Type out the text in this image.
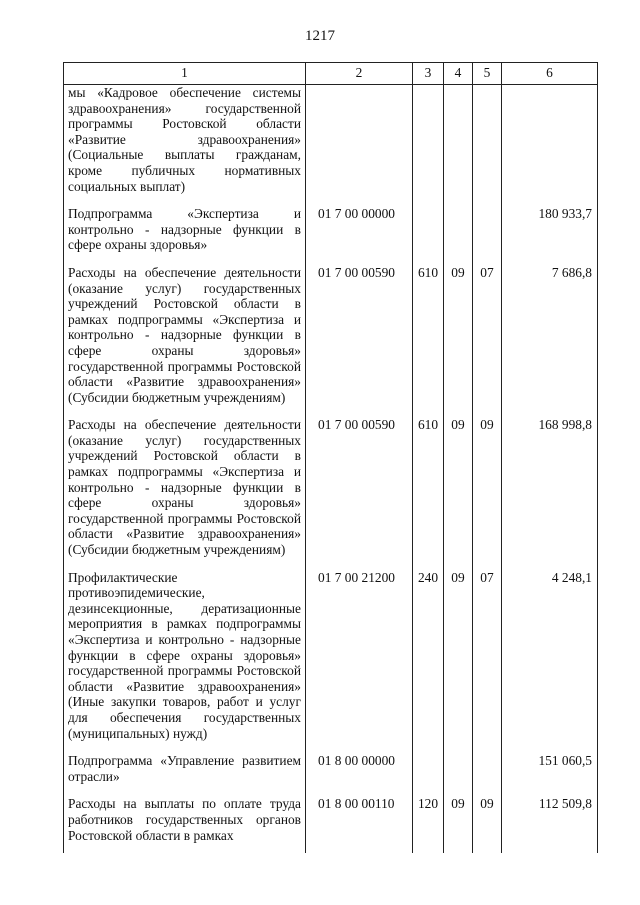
1217
1	2	3	4	5	6
мы «Кадровое обеспечение системы здравоохранения» государственной программы Ростовской области «Развитие здравоохранения» (Социальные выплаты гражданам, кроме публичных нормативных социальных выплат)					
Подпрограмма «Экспертиза и контрольно - надзорные функции в сфере охраны здоровья»	01 7 00 00000				180 933,7
Расходы на обеспечение деятельности (оказание услуг) государственных учреждений Ростовской области в рамках подпрограммы «Экспертиза и контрольно - надзорные функции в сфере охраны здоровья» государственной программы Ростовской области «Развитие здравоохранения» (Субсидии бюджетным учреждениям)	01 7 00 00590	610	09	07	7 686,8
Расходы на обеспечение деятельности (оказание услуг) государственных учреждений Ростовской области в рамках подпрограммы «Экспертиза и контрольно - надзорные функции в сфере охраны здоровья» государственной программы Ростовской области «Развитие здравоохранения» (Субсидии бюджетным учреждениям)	01 7 00 00590	610	09	09	168 998,8
Профилактические противоэпидемические, дезинсекционные, дератизационные мероприятия в рамках подпрограммы «Экспертиза и контрольно - надзорные функции в сфере охраны здоровья» государственной программы Ростовской области «Развитие здравоохранения» (Иные закупки товаров, работ и услуг для обеспечения государственных (муниципальных) нужд)	01 7 00 21200	240	09	07	4 248,1
Подпрограмма «Управление развитием отрасли»	01 8 00 00000				151 060,5
Расходы на выплаты по оплате труда работников государственных органов Ростовской области в рамках	01 8 00 00110	120	09	09	112 509,8
